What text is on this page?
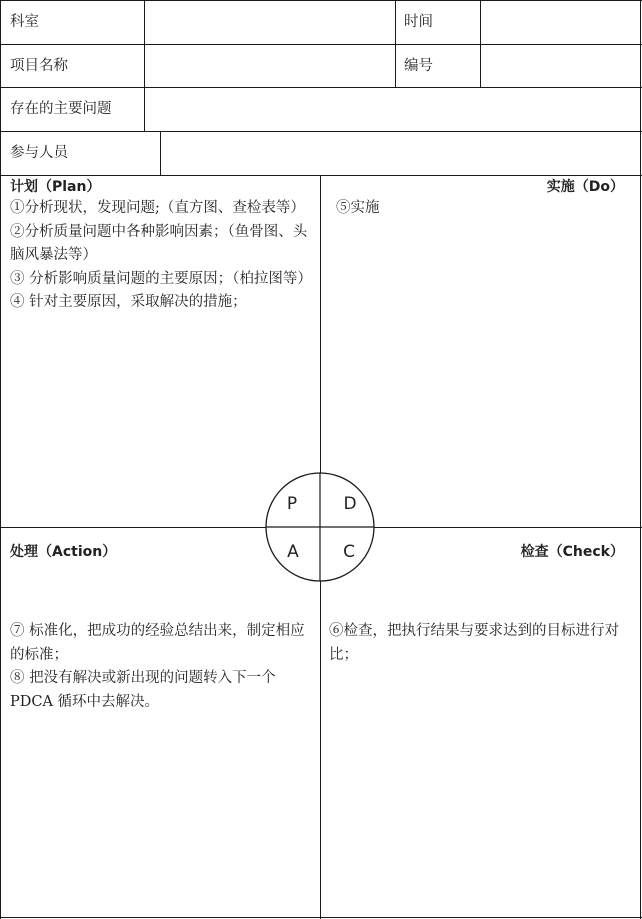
科室	时间
项目名称	编号
存在的主要问题
参与人员
计划（Plan）

①分析现状，发现问题;（直方图、查检表等）

②分析质量问题中各种影响因素；（鱼骨图、头脑风暴法等）

③ 分析影响质量问题的主要原因；（柏拉图等）

④ 针对主要原因，采取解决的措施；

实施（Do）

⑤实施

处理（Action）

⑦ 标准化，把成功的经验总结出来，制定相应的标准；

⑧ 把没有解决或新出现的问题转入下一个PDCA 循环中去解决。

检查（Check）

⑥检查，把执行结果与要求达到的目标进行对比；

P	D
A	C
